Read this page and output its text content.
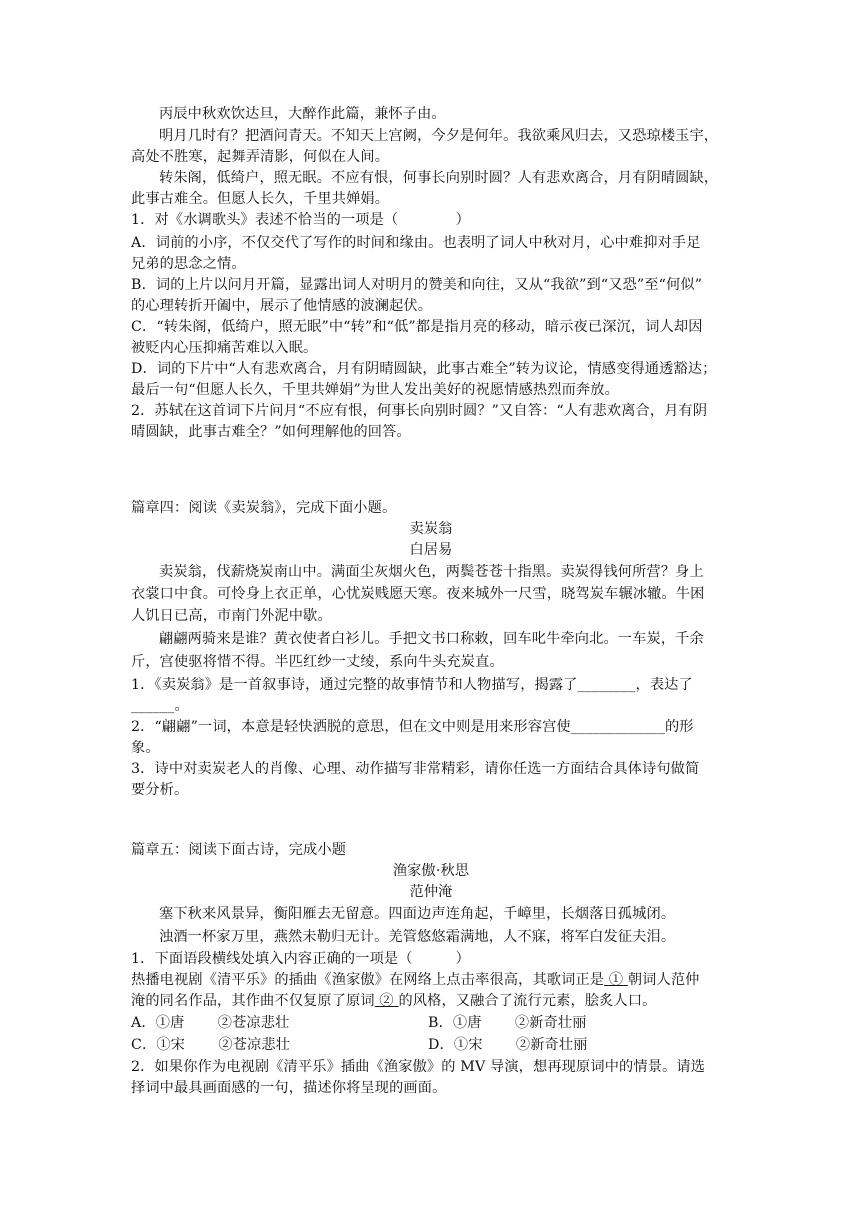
丙辰中秋欢饮达旦，大醉作此篇，兼怀子由。
明月几时有？把酒问青天。不知天上宫阙，今夕是何年。我欲乘风归去，又恐琼楼玉宇，
高处不胜寒，起舞弄清影，何似在人间。
转朱阁，低绮户，照无眠。不应有恨，何事长向别时圆？人有悲欢离合，月有阴晴圆缺，
此事古难全。但愿人长久，千里共婵娟。
1．对《水调歌头》表述不恰当的一项是（　　　　）
A．词前的小序，不仅交代了写作的时间和缘由。也表明了词人中秋对月，心中难抑对手足
兄弟的思念之情。
B．词的上片以问月开篇，显露出词人对明月的赞美和向往，又从“我欲”到“又恐”至“何似”
的心理转折开阖中，展示了他情感的波澜起伏。
C．“转朱阁，低绮户，照无眠”中“转”和“低”都是指月亮的移动，暗示夜已深沉，词人却因
被贬内心压抑痛苦难以入眠。
D．词的下片中“人有悲欢离合，月有阴晴圆缺，此事古难全”转为议论，情感变得通透豁达；
最后一句“但愿人长久，千里共婵娟”为世人发出美好的祝愿情感热烈而奔放。
2．苏轼在这首词下片问月“不应有恨，何事长向别时圆？”又自答：“人有悲欢离合，月有阴
晴圆缺，此事古难全？”如何理解他的回答。
篇章四：阅读《卖炭翁》，完成下面小题。
卖炭翁
白居易
卖炭翁，伐薪烧炭南山中。满面尘灰烟火色，两鬓苍苍十指黑。卖炭得钱何所营？身上
衣裳口中食。可怜身上衣正单，心忧炭贱愿天寒。夜来城外一尺雪，晓驾炭车辗冰辙。牛困
人饥日已高，市南门外泥中歇。
翩翩两骑来是谁？黄衣使者白衫儿。手把文书口称敕，回车叱牛牵向北。一车炭，千余
斤，宫使驱将惜不得。半匹红纱一丈绫，系向牛头充炭直。
1．《卖炭翁》是一首叙事诗，通过完整的故事情节和人物描写，揭露了________，表达了
______。
2．“翩翩”一词，本意是轻快洒脱的意思，但在文中则是用来形容宫使_____________的形
象。
3．诗中对卖炭老人的肖像、心理、动作描写非常精彩，请你任选一方面结合具体诗句做简
要分析。
篇章五：阅读下面古诗，完成小题
渔家傲·秋思
范仲淹
塞下秋来风景异，衡阳雁去无留意。四面边声连角起，千嶂里，长烟落日孤城闭。
浊酒一杯家万里，燕然未勒归无计。羌管悠悠霜满地，人不寐，将军白发征夫泪。
1．下面语段横线处填入内容正确的一项是（　　　）
热播电视剧《清平乐》的插曲《渔家傲》在网络上点击率很高，其歌词正是 ① 朝词人范仲
淹的同名作品，其作曲不仅复原了原词 ② 的风格，又融合了流行元素，脍炙人口。
A．①唐　　 ②苍凉悲壮	B．①唐　　 ②新奇壮丽
C．①宋　　 ②苍凉悲壮	D．①宋　　 ②新奇壮丽
2．如果你作为电视剧《清平乐》插曲《渔家傲》的 MV 导演，想再现原词中的情景。请选
择词中最具画面感的一句，描述你将呈现的画面。
